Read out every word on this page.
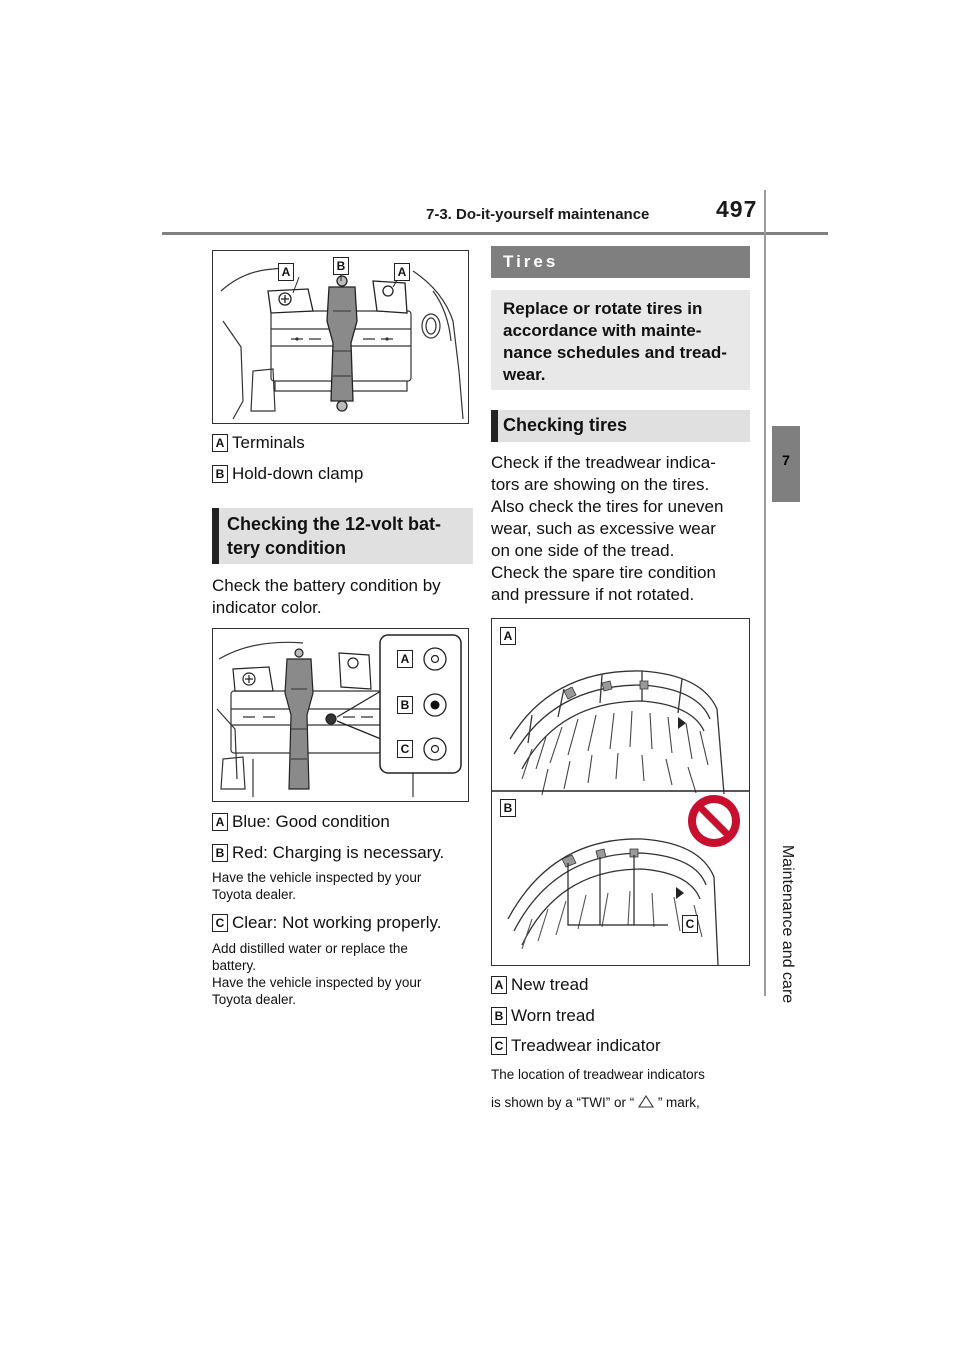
7-3. Do-it-yourself maintenance	497
7
Maintenance and care
A	B	A
A Terminals
B Hold-down clamp
Checking the 12-volt bat-
tery condition
Check the battery condition by
indicator color.
A
B
C
A Blue: Good condition
B Red: Charging is necessary.
Have the vehicle inspected by your
Toyota dealer.
C Clear: Not working properly.
Add distilled water or replace the
battery.
Have the vehicle inspected by your
Toyota dealer.
Tires
Replace or rotate tires in
accordance with mainte-
nance schedules and tread-
wear.
Checking tires
Check if the treadwear indica-
tors are showing on the tires.
Also check the tires for uneven
wear, such as excessive wear
on one side of the tread.
Check the spare tire condition
and pressure if not rotated.
A
B
C
A New tread
B Worn tread
C Treadwear indicator
The location of treadwear indicators
is shown by a “TWI” or “ ” mark,
